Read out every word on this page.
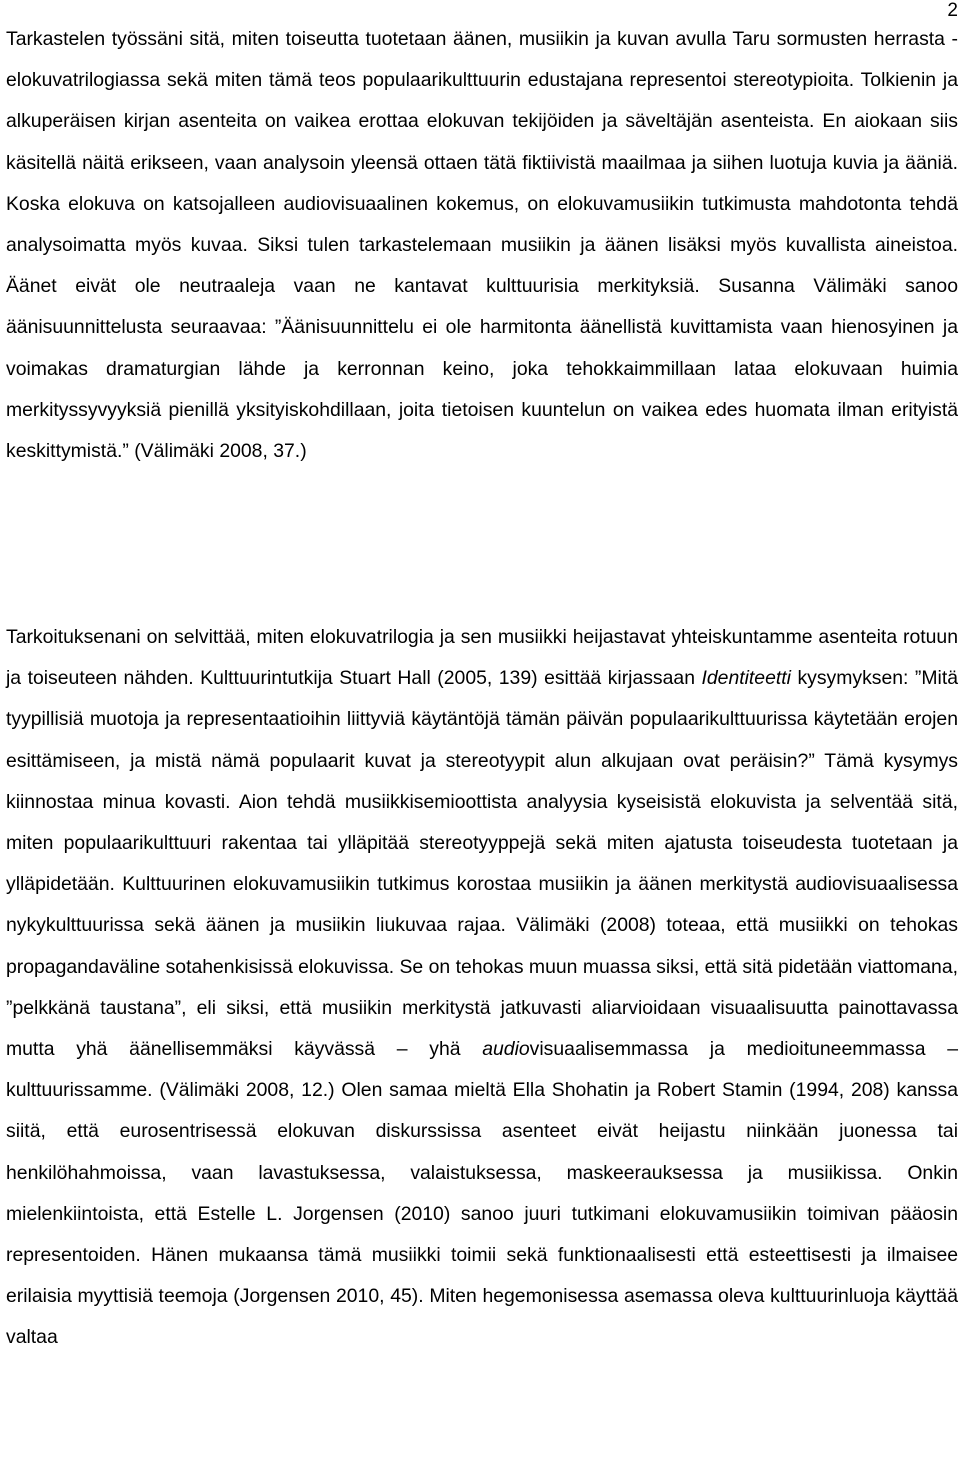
2

Tarkastelen työssäni sitä, miten toiseutta tuotetaan äänen, musiikin ja kuvan avulla Taru sormusten herrasta -elokuvatrilogiassa sekä miten tämä teos populaarikulttuurin edustajana representoi stereotypioita. Tolkienin ja alkuperäisen kirjan asenteita on vaikea erottaa elokuvan tekijöiden ja säveltäjän asenteista. En aiokaan siis käsitellä näitä erikseen, vaan analysoin yleensä ottaen tätä fiktiivistä maailmaa ja siihen luotuja kuvia ja ääniä. Koska elokuva on katsojalleen audiovisuaalinen kokemus, on elokuvamusiikin tutkimusta mahdotonta tehdä analysoimatta myös kuvaa. Siksi tulen tarkastelemaan musiikin ja äänen lisäksi myös kuvallista aineistoa. Äänet eivät ole neutraaleja vaan ne kantavat kulttuurisia merkityksiä. Susanna Välimäki sanoo äänisuunnittelusta seuraavaa: ”Äänisuunnittelu ei ole harmitonta äänellistä kuvittamista vaan hienosyinen ja voimakas dramaturgian lähde ja kerronnan keino, joka tehokkaimmillaan lataa elokuvaan huimia merkityssyvyyksiä pienillä yksityiskohdillaan, joita tietoisen kuuntelun on vaikea edes huomata ilman erityistä keskittymistä.” (Välimäki 2008, 37.)

Tarkoituksenani on selvittää, miten elokuvatrilogia ja sen musiikki heijastavat yhteiskuntamme asenteita rotuun ja toiseuteen nähden. Kulttuurintutkija Stuart Hall (2005, 139) esittää kirjassaan Identiteetti kysymyksen: ”Mitä tyypillisiä muotoja ja representaatioihin liittyviä käytäntöjä tämän päivän populaarikulttuurissa käytetään erojen esittämiseen, ja mistä nämä populaarit kuvat ja stereotyypit alun alkujaan ovat peräisin?” Tämä kysymys kiinnostaa minua kovasti. Aion tehdä musiikkisemioottista analyysia kyseisistä elokuvista ja selventää sitä, miten populaarikulttuuri rakentaa tai ylläpitää stereotyyppejä sekä miten ajatusta toiseudesta tuotetaan ja ylläpidetään. Kulttuurinen elokuvamusiikin tutkimus korostaa musiikin ja äänen merkitystä audiovisuaalisessa nykykulttuurissa sekä äänen ja musiikin liukuvaa rajaa. Välimäki (2008) toteaa, että musiikki on tehokas propagandaväline sotahenkisissä elokuvissa. Se on tehokas muun muassa siksi, että sitä pidetään viattomana, ”pelkkänä taustana”, eli siksi, että musiikin merkitystä jatkuvasti aliarvioidaan visuaalisuutta painottavassa mutta yhä äänellisemmäksi käyvässä – yhä audiovisuaalisemmassa ja medioituneemmassa – kulttuurissamme. (Välimäki 2008, 12.) Olen samaa mieltä Ella Shohatin ja Robert Stamin (1994, 208) kanssa siitä, että eurosentrisessä elokuvan diskurssissa asenteet eivät heijastu niinkään juonessa tai henkilöhahmoissa, vaan lavastuksessa, valaistuksessa, maskeerauksessa ja musiikissa. Onkin mielenkiintoista, että Estelle L. Jorgensen (2010) sanoo juuri tutkimani elokuvamusiikin toimivan pääosin representoiden. Hänen mukaansa tämä musiikki toimii sekä funktionaalisesti että esteettisesti ja ilmaisee erilaisia myyttisiä teemoja (Jorgensen 2010, 45). Miten hegemonisessa asemassa oleva kulttuurinluoja käyttää valtaa
